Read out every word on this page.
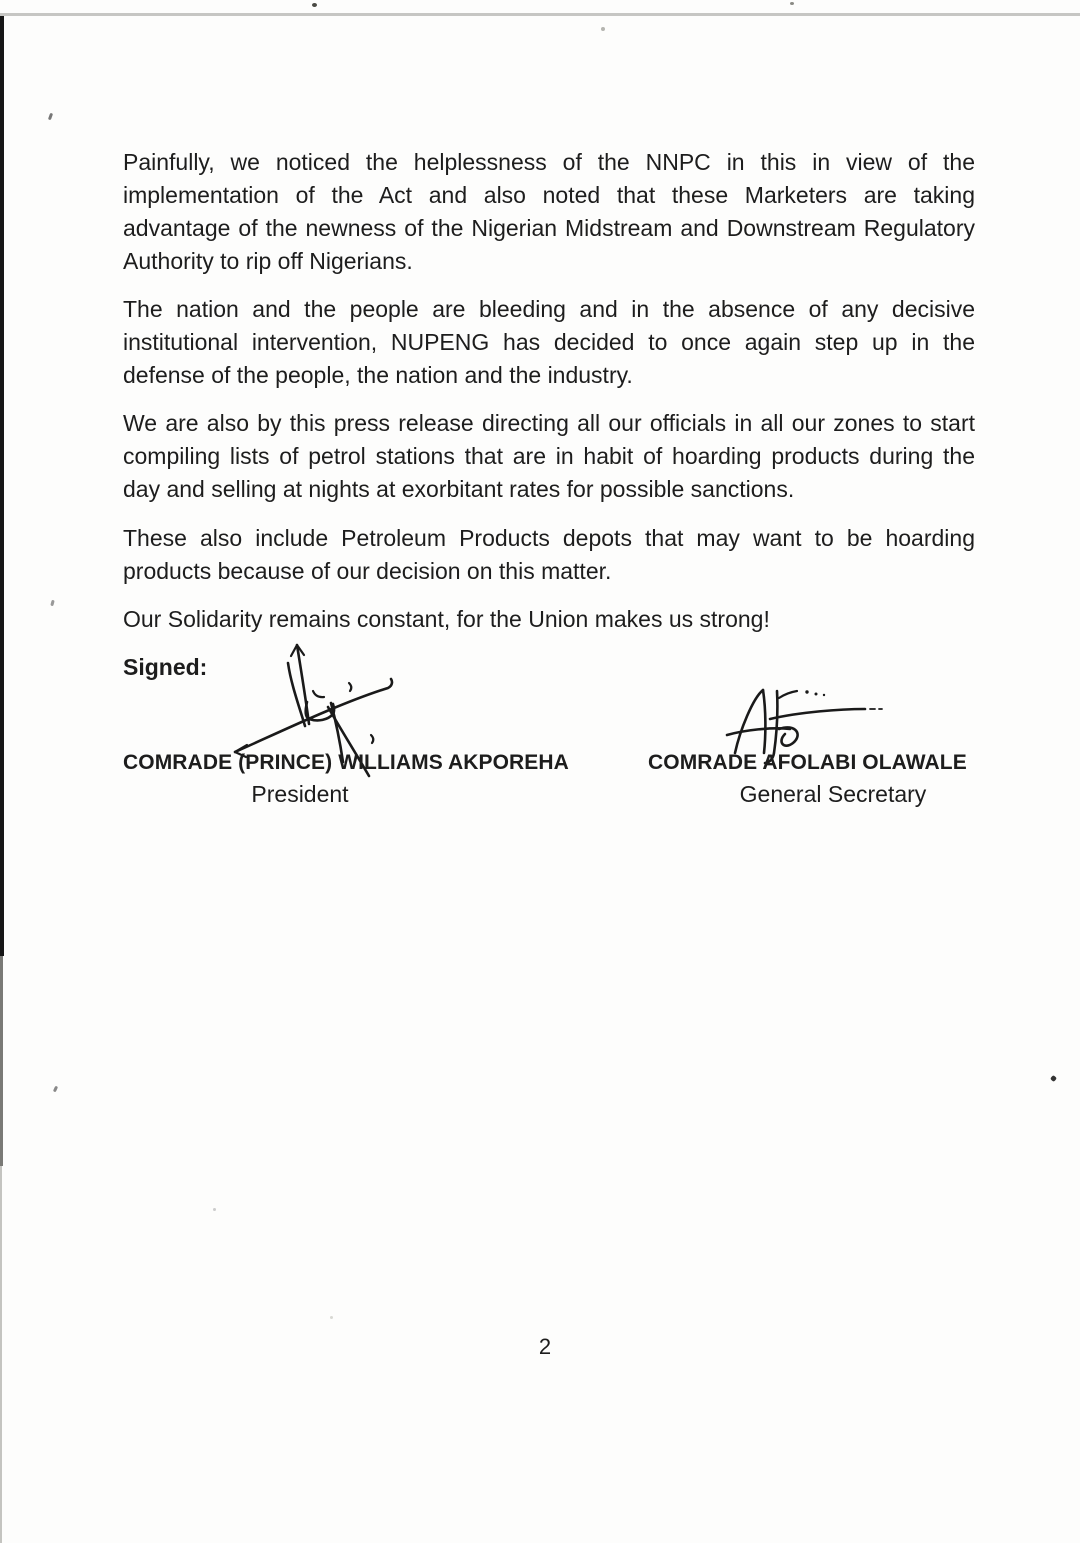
Painfully, we noticed the helplessness of the NNPC in this in view of the
implementation of the Act and also noted that these Marketers are taking
advantage of the newness of the Nigerian Midstream and Downstream Regulatory
Authority to rip off Nigerians.
The nation and the people are bleeding and in the absence of any decisive
institutional intervention, NUPENG has decided to once again step up in the
defense of the people, the nation and the industry.
We are also by this press release directing all our officials in all our zones to start
compiling lists of petrol stations that are in habit of hoarding products during the
day and selling at nights at exorbitant rates for possible sanctions.
These also include Petroleum Products depots that may want to be hoarding
products because of our decision on this matter.
Our Solidarity remains constant, for the Union makes us strong!
Signed:
COMRADE (PRINCE) WILLIAMS AKPOREHA	COMRADE AFOLABI OLAWALE
President	General Secretary
2
